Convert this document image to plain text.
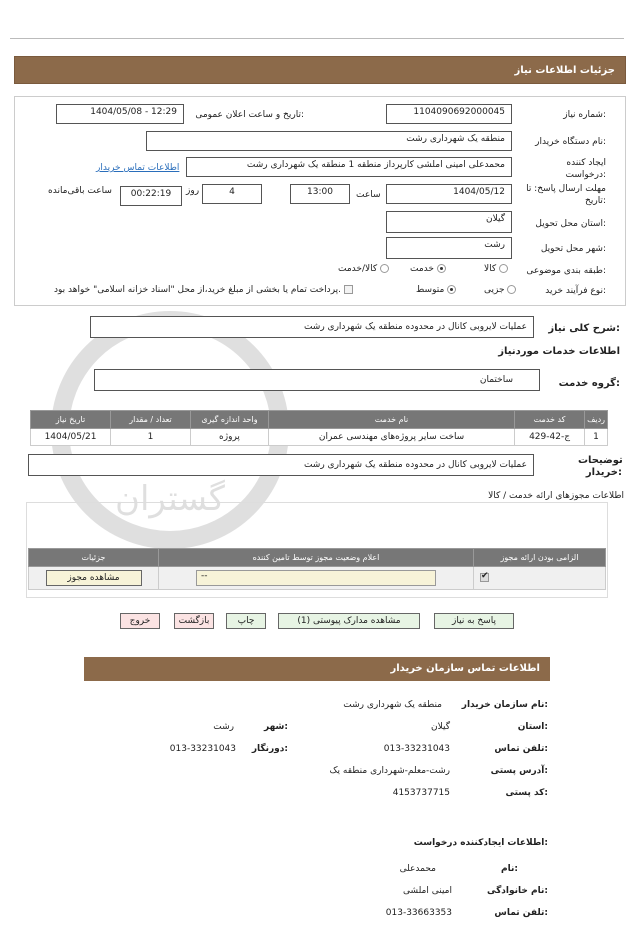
جزئیات اطلاعات نیاز
گستران
شماره نیاز:
1104090692000045
تاریخ و ساعت اعلان عمومی:
1404/05/08 - 12:29
نام دستگاه خریدار:
منطقه یک شهرداری رشت
ایجاد کننده درخواست:
محمدعلی امینی املشی کارپرداز منطقه 1 منطقه یک شهرداری رشت
اطلاعات تماس خریدار
مهلت ارسال پاسخ: تا تاریخ:
1404/05/12
ساعت
13:00
4
روز
00:22:19
ساعت باقی‌مانده
استان محل تحویل:
گیلان
شهر محل تحویل:
رشت
طبقه بندی موضوعی:
کالا
خدمت
کالا/خدمت
نوع فرآیند خرید:
جزیی
متوسط
پرداخت تمام یا بخشی از مبلغ خرید،از محل "اسناد خزانه اسلامی" خواهد بود.
شرح کلی نیاز:
عملیات لایروبی کانال در محدوده منطقه یک شهرداری رشت
اطلاعات خدمات موردنیاز
گروه خدمت:
ساختمان
ردیف	کد خدمت	نام خدمت	واحد اندازه گیری	تعداد / مقدار	تاریخ نیاز
1	ج-42-429	ساخت سایر پروژه‌های مهندسی عمران	پروژه	1	1404/05/21
توضیحات خریدار:
عملیات لایروبی کانال در محدوده منطقه یک شهرداری رشت
اطلاعات مجوزهای ارائه خدمت / کالا
الزامی بودن ارائه مجوز	اعلام وضعیت مجوز توسط تامین کننده	جزئیات

✔	--	مشاهده مجوز
پاسخ به نیاز
مشاهده مدارک پیوستی (1)
چاپ
بازگشت
خروج
اطلاعات تماس سازمان خریدار
نام سازمان خریدار:
منطقه یک شهرداری رشت
استان:
گیلان
شهر:
رشت
تلفن تماس:
013-33231043
دورنگار:
013-33231043
آدرس پستی:
رشت-معلم-شهرداری منطقه یک
کد پستی:
4153737715
اطلاعات ایجادکننده درخواست:
نام:
محمدعلی
نام خانوادگی:
امینی املشی
تلفن تماس:
013-33663353
